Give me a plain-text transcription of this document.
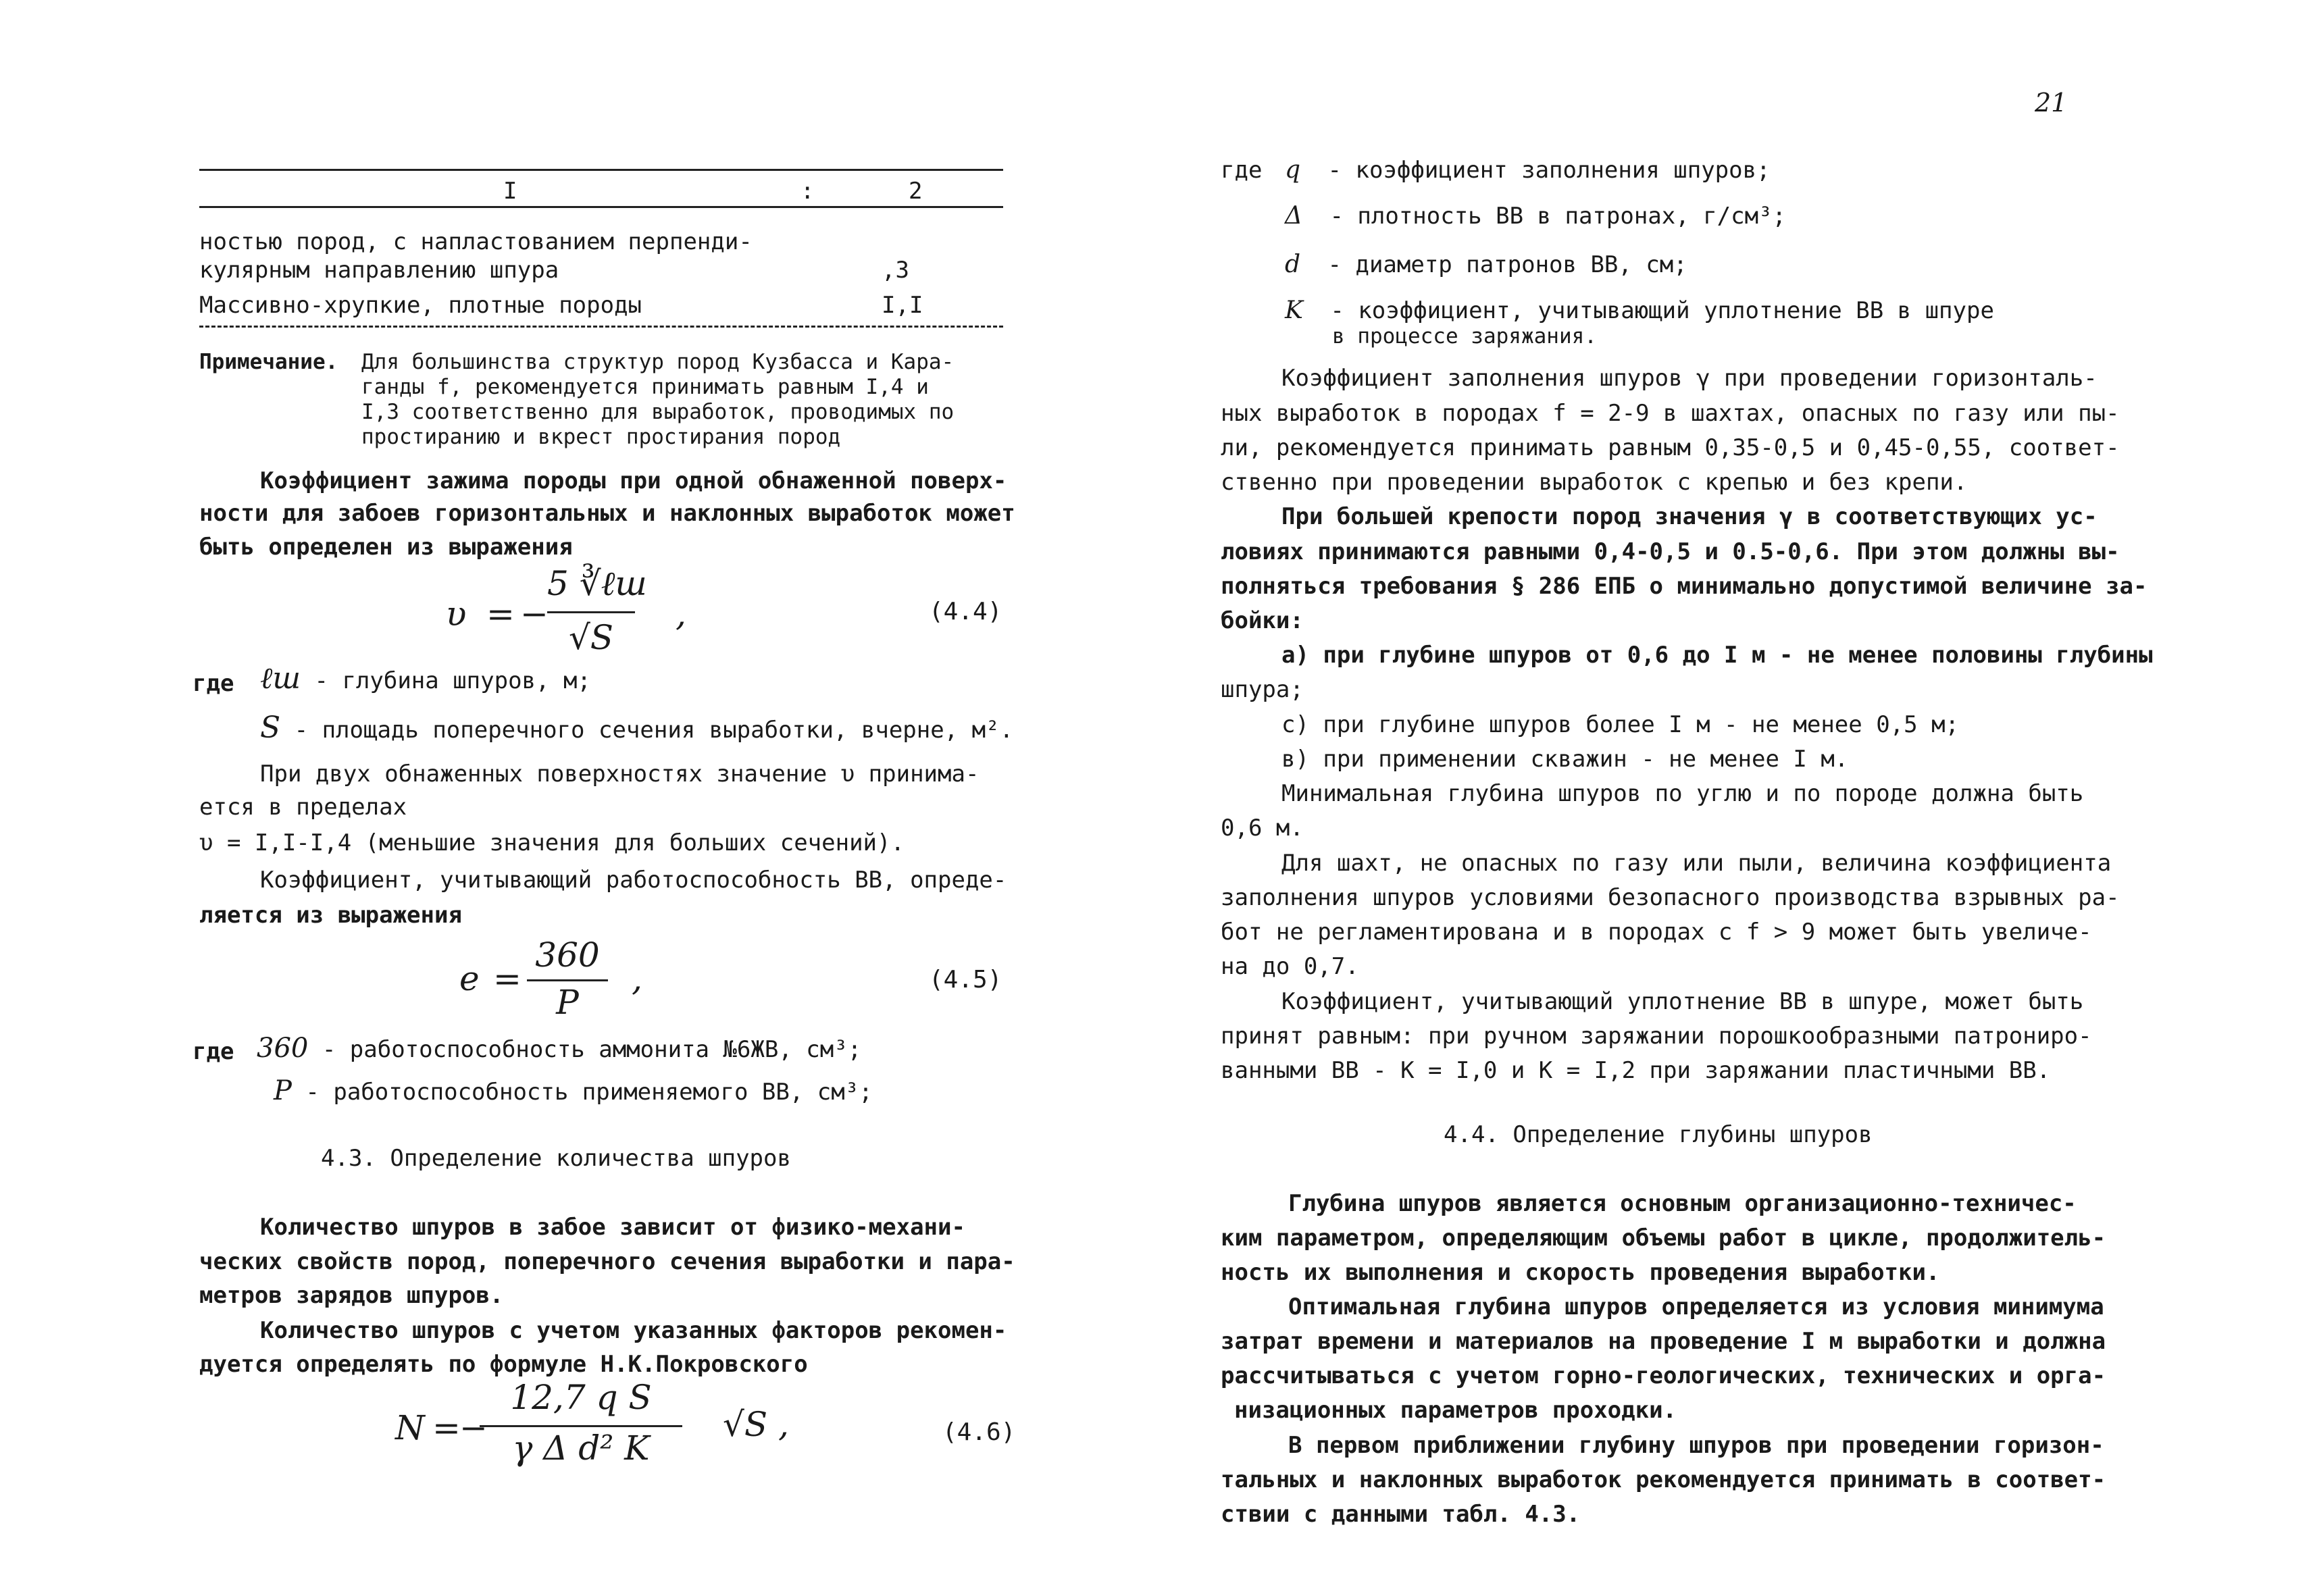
I	:	2
ностью пород, с напластованием перпенди-
кулярным направлению шпура	,3
Массивно-хрупкие, плотные породы	I,I
Примечание. Для большинства структур пород Кузбасса и Кара-
ганды f, рекомендуется принимать равным I,4 и
I,3 соответственно для выработок, проводимых по
простиранию и вкрест простирания пород
Коэффициент зажима породы при одной обнаженной поверх-
ности для забоев горизонтальных и наклонных выработок может
быть определен из выражения
υ = −
5 ∛ℓш
√S
,	(4.4)
где ℓш - глубина шпуров, м;
S - площадь поперечного сечения выработки, вчерне, м².
При двух обнаженных поверхностях значение υ принима-
ется в пределах
υ = I,I-I,4 (меньшие значения для больших сечений).
Коэффициент, учитывающий работоспособность ВВ, опреде-
ляется из выражения
e =
360
P
,	(4.5)
где 360 - работоспособность аммонита №6ЖВ, см³;
P - работоспособность применяемого ВВ, см³;
4.3. Определение количества шпуров
Количество шпуров в забое зависит от физико-механи-
ческих свойств пород, поперечного сечения выработки и пара-
метров зарядов шпуров.
Количество шпуров с учетом указанных факторов рекомен-
дуется определять по формуле Н.К.Покровского
N =
−
12,7 q S
γ Δ d² K
√S ,	(4.6)
21
где q - коэффициент заполнения шпуров;
Δ - плотность ВВ в патронах, г/см³;
d - диаметр патронов ВВ, см;
K - коэффициент, учитывающий уплотнение ВВ в шпуре
в процессе заряжания.
Коэффициент заполнения шпуров γ при проведении горизонталь-
ных выработок в породах f = 2-9 в шахтах, опасных по газу или пы-
ли, рекомендуется принимать равным 0,35-0,5 и 0,45-0,55, соответ-
ственно при проведении выработок с крепью и без крепи.
При большей крепости пород значения γ в соответствующих ус-
ловиях принимаются равными 0,4-0,5 и 0.5-0,6. При этом должны вы-
полняться требования § 286 ЕПБ о минимально допустимой величине за-
бойки:
а) при глубине шпуров от 0,6 до I м - не менее половины глубины
шпура;
с) при глубине шпуров более I м - не менее 0,5 м;
в) при применении скважин - не менее I м.
Минимальная глубина шпуров по углю и по породе должна быть
0,6 м.
Для шахт, не опасных по газу или пыли, величина коэффициента
заполнения шпуров условиями безопасного производства взрывных ра-
бот не регламентирована и в породах с f > 9 может быть увеличе-
на до 0,7.
Коэффициент, учитывающий уплотнение ВВ в шпуре, может быть
принят равным: при ручном заряжании порошкообразными патрониро-
ванными ВВ - K = I,0 и K = I,2 при заряжании пластичными ВВ.
4.4. Определение глубины шпуров
Глубина шпуров является основным организационно-техничес-
ким параметром, определяющим объемы работ в цикле, продолжитель-
ность их выполнения и скорость проведения выработки.
Оптимальная глубина шпуров определяется из условия минимума
затрат времени и материалов на проведение I м выработки и должна
рассчитываться с учетом горно-геологических, технических и орга-
низационных параметров проходки.
В первом приближении глубину шпуров при проведении горизон-
тальных и наклонных выработок рекомендуется принимать в соответ-
ствии с данными табл. 4.3.
